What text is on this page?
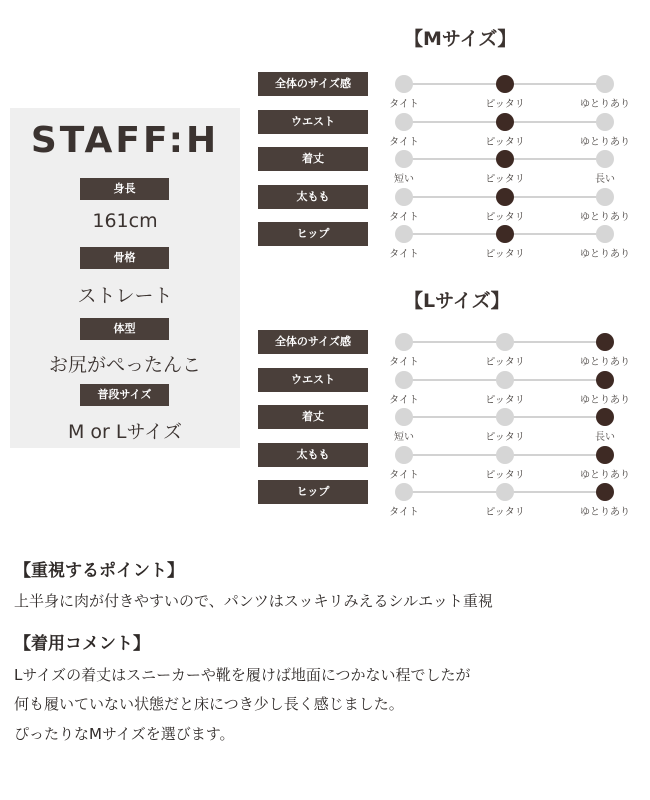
STAFF:H
身長
161cm
骨格
ストレート
体型
お尻がぺったんこ
普段サイズ
M or Lサイズ
【Mサイズ】
全体のサイズ感
タイト	ピッタリ	ゆとりあり
ウエスト
タイト	ピッタリ	ゆとりあり
着丈
短い	ピッタリ	長い
太もも
タイト	ピッタリ	ゆとりあり
ヒップ
タイト	ピッタリ	ゆとりあり
【Lサイズ】
全体のサイズ感
タイト	ピッタリ	ゆとりあり
ウエスト
タイト	ピッタリ	ゆとりあり
着丈
短い	ピッタリ	長い
太もも
タイト	ピッタリ	ゆとりあり
ヒップ
タイト	ピッタリ	ゆとりあり
【重視するポイント】
上半身に肉が付きやすいので、パンツはスッキリみえるシルエット重視
【着用コメント】
Lサイズの着丈はスニーカーや靴を履けば地面につかない程でしたが
何も履いていない状態だと床につき少し長く感じました。
ぴったりなMサイズを選びます。
